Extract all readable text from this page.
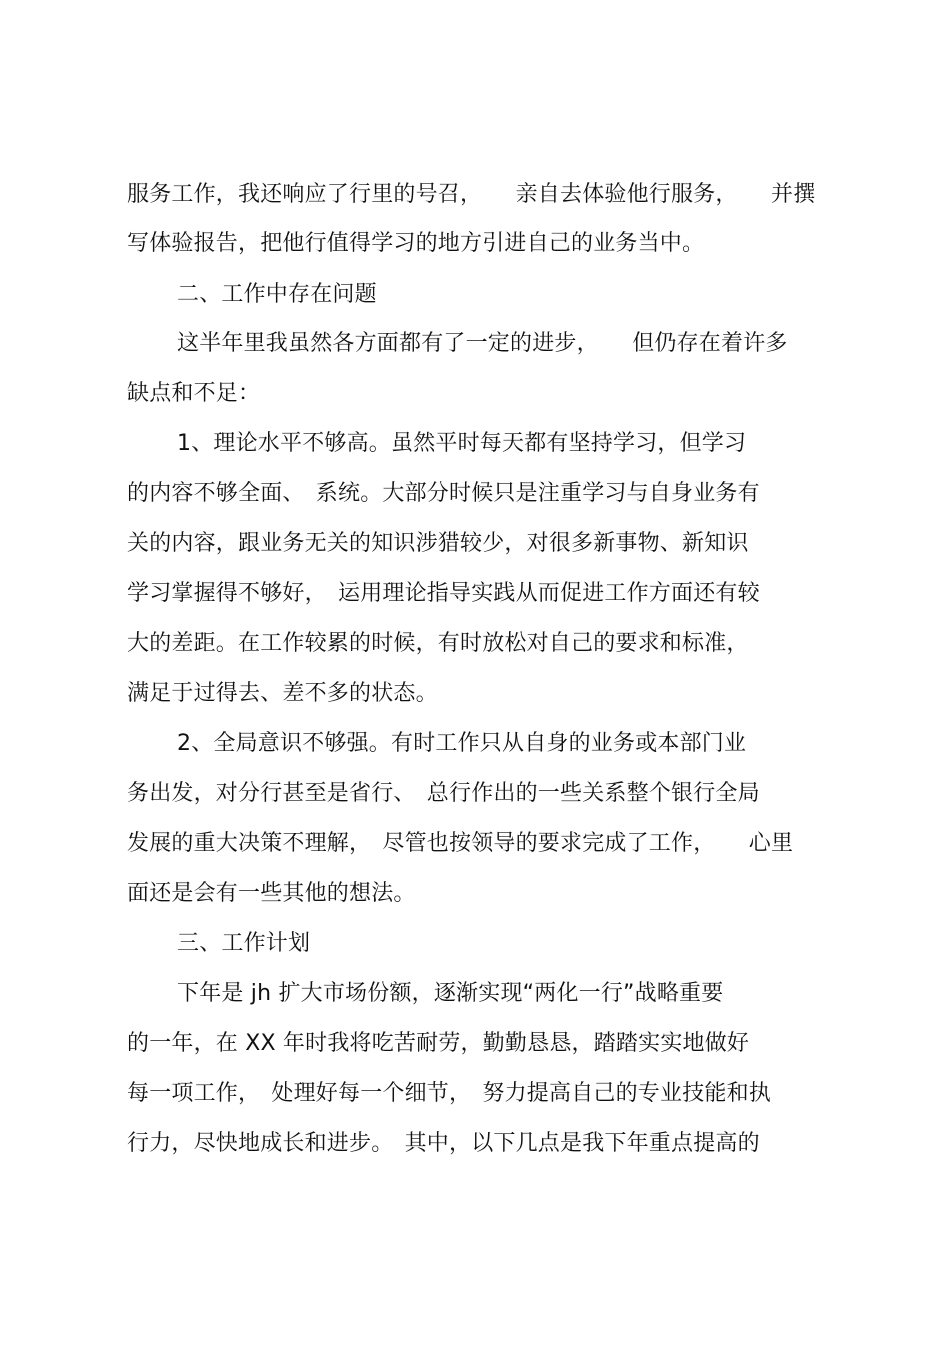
服务工作，我还响应了行里的号召，　　亲自去体验他行服务，　　并撰

写体验报告，把他行值得学习的地方引进自己的业务当中。

二、工作中存在问题

这半年里我虽然各方面都有了一定的进步，　　但仍存在着许多

缺点和不足：

1、理论水平不够高。虽然平时每天都有坚持学习，但学习

的内容不够全面、　系统。大部分时候只是注重学习与自身业务有

关的内容，跟业务无关的知识涉猎较少，对很多新事物、新知识

学习掌握得不够好，　运用理论指导实践从而促进工作方面还有较

大的差距。在工作较累的时候，有时放松对自己的要求和标准，

满足于过得去、差不多的状态。

2、全局意识不够强。有时工作只从自身的业务或本部门业

务出发，对分行甚至是省行、　总行作出的一些关系整个银行全局

发展的重大决策不理解，　尽管也按领导的要求完成了工作，　　心里

面还是会有一些其他的想法。

三、工作计划

下年是 jh 扩大市场份额，逐渐实现“两化一行”战略重要

的一年，在 XX 年时我将吃苦耐劳，勤勤恳恳，踏踏实实地做好

每一项工作，　处理好每一个细节，　努力提高自己的专业技能和执

行力，尽快地成长和进步。　其中，以下几点是我下年重点提高的
